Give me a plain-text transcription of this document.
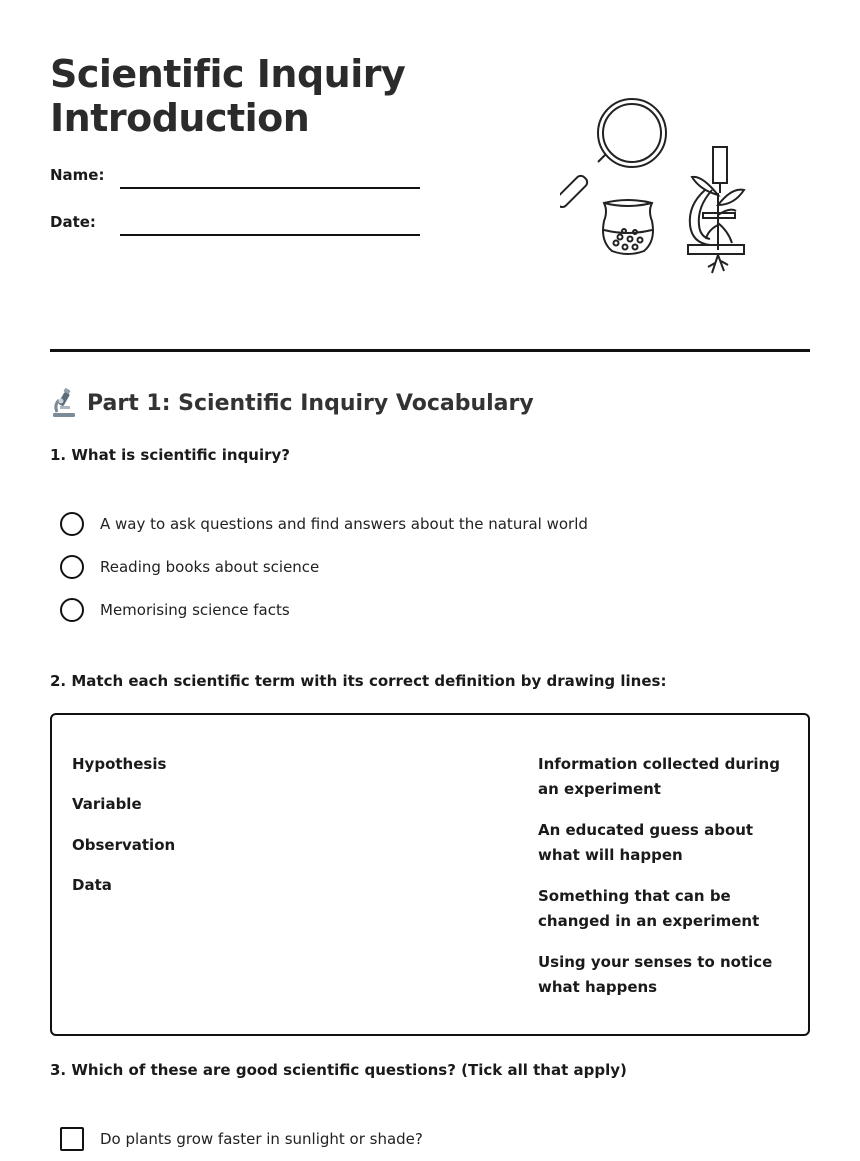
Scientific Inquiry
Introduction
Name:
Date:
Part 1: Scientific Inquiry Vocabulary
1. What is scientific inquiry?
A way to ask questions and find answers about the natural world
Reading books about science
Memorising science facts
2. Match each scientific term with its correct definition by drawing lines:
Hypothesis
Variable
Observation
Data
Information collected during an experiment
An educated guess about what will happen
Something that can be changed in an experiment
Using your senses to notice what happens
3. Which of these are good scientific questions? (Tick all that apply)
Do plants grow faster in sunlight or shade?
